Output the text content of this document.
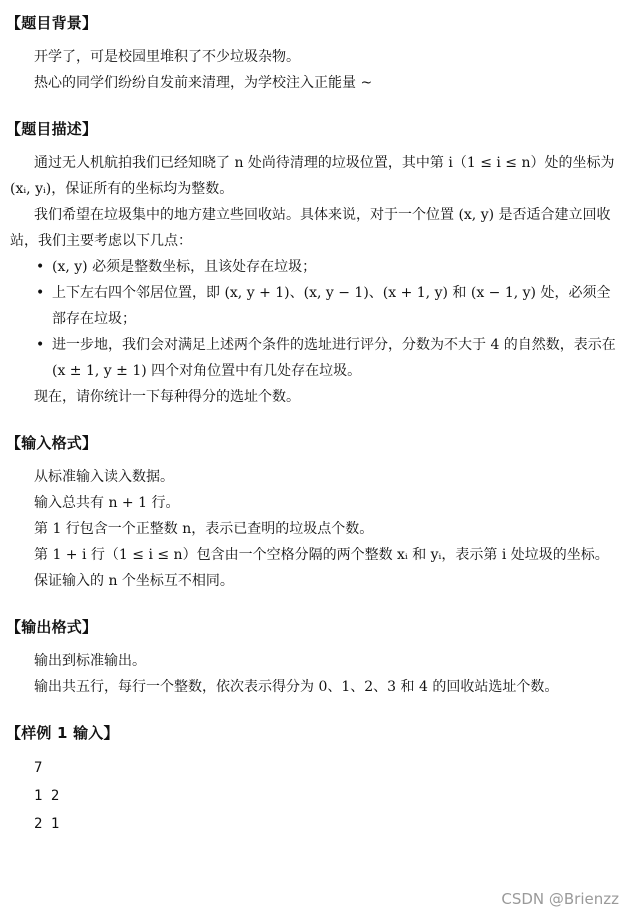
【题目背景】
开学了，可是校园里堆积了不少垃圾杂物。
热心的同学们纷纷自发前来清理，为学校注入正能量 ~
【题目描述】
通过无人机航拍我们已经知晓了 n 处尚待清理的垃圾位置，其中第 i（1 ≤ i ≤ n）处的坐标为 (xᵢ, yᵢ)，保证所有的坐标均为整数。
我们希望在垃圾集中的地方建立些回收站。具体来说，对于一个位置 (x, y) 是否适合建立回收站，我们主要考虑以下几点：
• (x, y) 必须是整数坐标，且该处存在垃圾；
• 上下左右四个邻居位置，即 (x, y + 1)、(x, y − 1)、(x + 1, y) 和 (x − 1, y) 处，必须全部存在垃圾；
• 进一步地，我们会对满足上述两个条件的选址进行评分，分数为不大于 4 的自然数，表示在 (x ± 1, y ± 1) 四个对角位置中有几处存在垃圾。
现在，请你统计一下每种得分的选址个数。
【输入格式】
从标准输入读入数据。
输入总共有 n + 1 行。
第 1 行包含一个正整数 n，表示已查明的垃圾点个数。
第 1 + i 行（1 ≤ i ≤ n）包含由一个空格分隔的两个整数 xᵢ 和 yᵢ，表示第 i 处垃圾的坐标。
保证输入的 n 个坐标互不相同。
【输出格式】
输出到标准输出。
输出共五行，每行一个整数，依次表示得分为 0、1、2、3 和 4 的回收站选址个数。
【样例 1 输入】
7
1 2
2 1
CSDN @Brienzz
